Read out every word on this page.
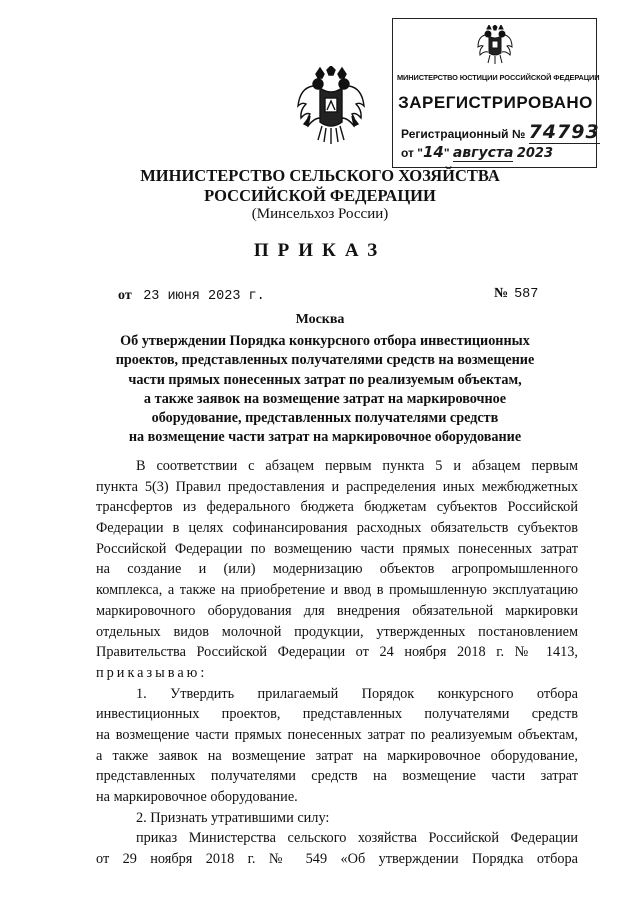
МИНИСТЕРСТВО ЮСТИЦИИ РОССИЙСКОЙ ФЕДЕРАЦИИ
ЗАРЕГИСТРИРОВАНО
Регистрационный № 74793
от "14" августа 2023
МИНИСТЕРСТВО СЕЛЬСКОГО ХОЗЯЙСТВА
РОССИЙСКОЙ ФЕДЕРАЦИИ
(Минсельхоз России)
ПРИКАЗ
от 23 июня 2023 г.	№ 587
Москва
Об утверждении Порядка конкурсного отбора инвестиционных
проектов, представленных получателями средств на возмещение
части прямых понесенных затрат по реализуемым объектам,
а также заявок на возмещение затрат на маркировочное
оборудование, представленных получателями средств
на возмещение части затрат на маркировочное оборудование
В соответствии с абзацем первым пункта 5 и абзацем первым
пункта 5(3) Правил предоставления и распределения иных межбюджетных
трансфертов из федерального бюджета бюджетам субъектов Российской
Федерации в целях софинансирования расходных обязательств субъектов
Российской Федерации по возмещению части прямых понесенных затрат
на создание и (или) модернизацию объектов агропромышленного
комплекса, а также на приобретение и ввод в промышленную эксплуатацию
маркировочного оборудования для внедрения обязательной маркировки
отдельных видов молочной продукции, утвержденных постановлением
Правительства Российской Федерации от 24 ноября 2018 г. № 1413,
приказываю:
1. Утвердить прилагаемый Порядок конкурсного отбора
инвестиционных проектов, представленных получателями средств
на возмещение части прямых понесенных затрат по реализуемым объектам,
а также заявок на возмещение затрат на маркировочное оборудование,
представленных получателями средств на возмещение части затрат
на маркировочное оборудование.
2. Признать утратившими силу:
приказ Министерства сельского хозяйства Российской Федерации
от 29 ноября 2018 г. № 549 «Об утверждении Порядка отбора
